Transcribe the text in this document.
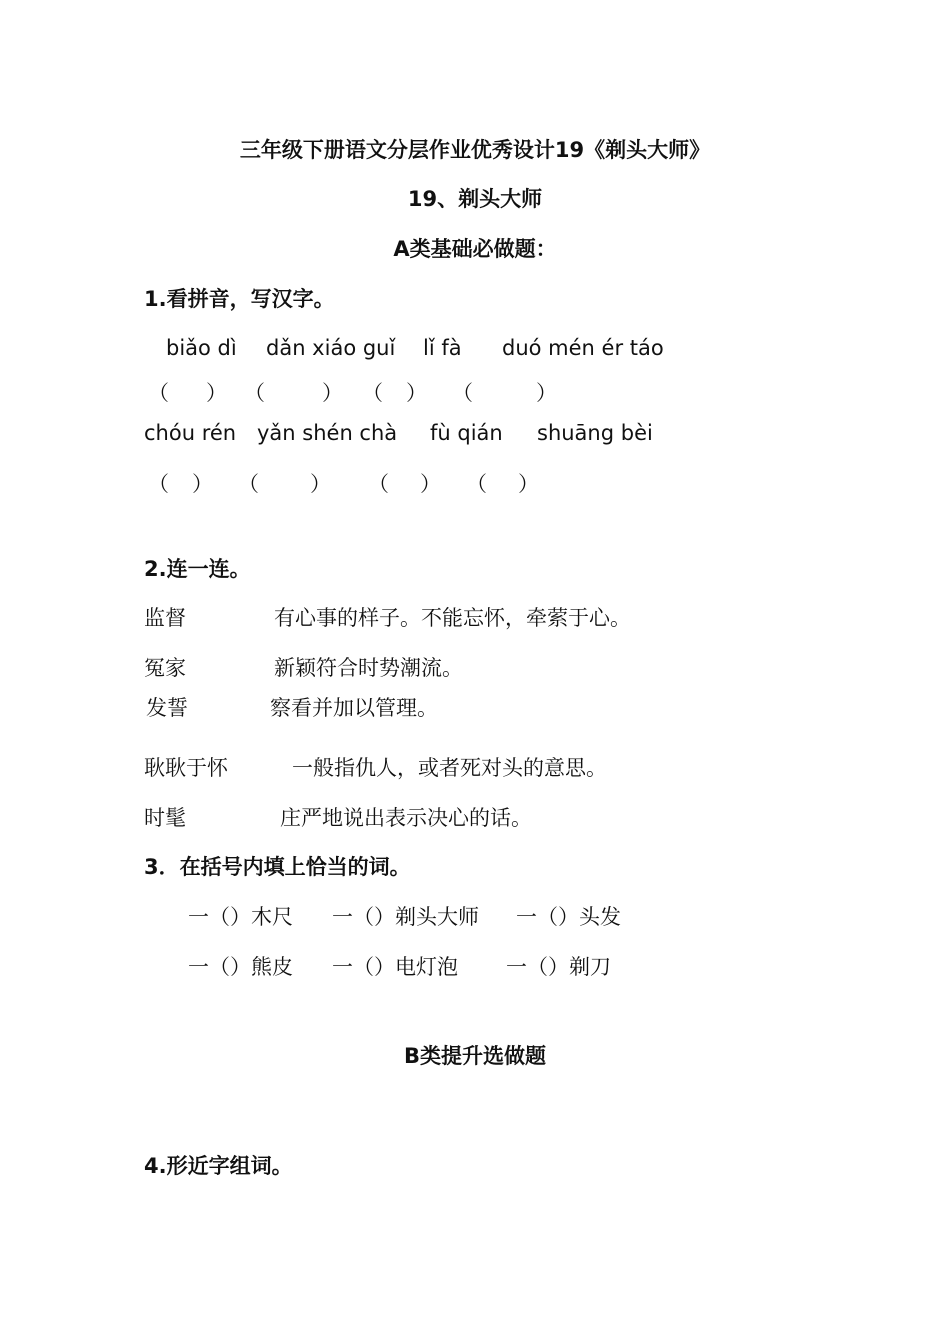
三年级下册语文分层作业优秀设计19《剃头大师》
19、剃头大师
A类基础必做题：
1.看拼音，写汉字。
biǎo dì dǎn xiáo guǐ lǐ fà duó mén ér táo
（ ） （	） （ ） （	）
chóu rén yǎn shén chà fù qián shuāng bèi
（ ） （ ） （ ） （ ）
2.连一连。
监督	有心事的样子。不能忘怀，牵萦于心。
冤家	新颖符合时势潮流。
发誓	察看并加以管理。
耿耿于怀	一般指仇人，或者死对头的意思。
时髦	庄严地说出表示决心的话。
3．在括号内填上恰当的词。
一（）木尺 一（）剃头大师 一（）头发
一（）熊皮 一（）电灯泡 一（）剃刀
B类提升选做题
4.形近字组词。
